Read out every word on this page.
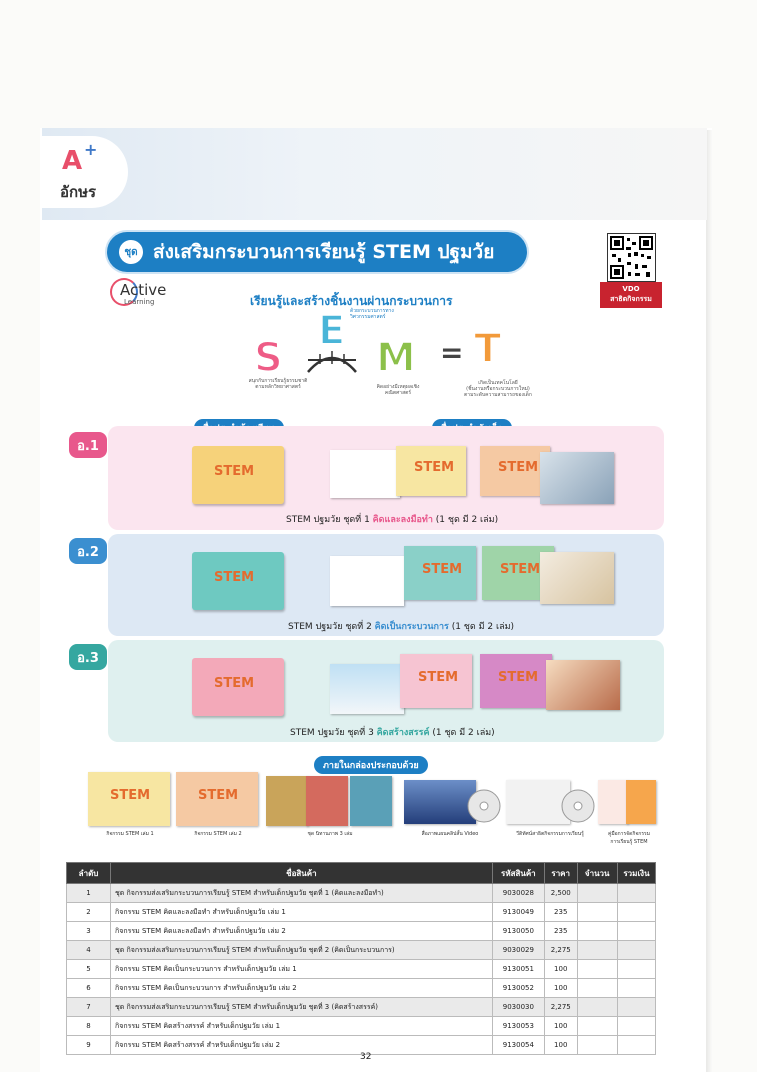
A +
อักษร
ชุด ส่งเสริมกระบวนการเรียนรู้ STEM ปฐมวัย
VDO
สาธิตกิจกรรม
Active
Learning	เรียนรู้และสร้างชิ้นงานผ่านกระบวนการ
S
E
M = T
สนุกกับการเรียนรู้ธรรมชาติ
ตามหลักวิทยาศาสตร์
ด้วยกระบวนการทาง
วิศวกรรมศาสตร์
คิดอย่างมีเหตุผลเชิง
คณิตศาสตร์
เกิดเป็นเทคโนโลยี
(ชิ้นงานหรือกระบวนการใหม่)
ตามระดับความสามารถของเด็ก
อ.1
STEM	STEM	STEM
STEM ปฐมวัย ชุดที่ 1 คิดและลงมือทำ (1 ชุด มี 2 เล่ม)
อ.2
STEM
STEM	STEM
STEM ปฐมวัย ชุดที่ 2 คิดเป็นกระบวนการ (1 ชุด มี 2 เล่ม)
อ.3
STEM	STEM	STEM
STEM ปฐมวัย ชุดที่ 3 คิดสร้างสรรค์ (1 ชุด มี 2 เล่ม)
ภายในกล่องประกอบด้วย
STEM	STEM
กิจกรรม STEM เล่ม 1	กิจกรรม STEM เล่ม 2	ชุด นิทานภาพ 3 เล่ม	สื่อภาพแผนคลิปสั้น Video	วีดิทัศน์สาธิตกิจกรรมการเรียนรู้	คู่มือการจัดกิจกรรม
การเรียนรู้ STEM
ลำดับ	ชื่อสินค้า	รหัสสินค้า	ราคา	จำนวน	รวมเงิน
1	ชุด กิจกรรมส่งเสริมกระบวนการเรียนรู้ STEM สำหรับเด็กปฐมวัย ชุดที่ 1 (คิดและลงมือทำ)	9030028	2,500		
2	กิจกรรม STEM คิดและลงมือทำ สำหรับเด็กปฐมวัย เล่ม 1	9130049	235		
3	กิจกรรม STEM คิดและลงมือทำ สำหรับเด็กปฐมวัย เล่ม 2	9130050	235		
4	ชุด กิจกรรมส่งเสริมกระบวนการเรียนรู้ STEM สำหรับเด็กปฐมวัย ชุดที่ 2 (คิดเป็นกระบวนการ)	9030029	2,275		
5	กิจกรรม STEM คิดเป็นกระบวนการ สำหรับเด็กปฐมวัย เล่ม 1	9130051	100		
6	กิจกรรม STEM คิดเป็นกระบวนการ สำหรับเด็กปฐมวัย เล่ม 2	9130052	100		
7	ชุด กิจกรรมส่งเสริมกระบวนการเรียนรู้ STEM สำหรับเด็กปฐมวัย ชุดที่ 3 (คิดสร้างสรรค์)	9030030	2,275		
8	กิจกรรม STEM คิดสร้างสรรค์ สำหรับเด็กปฐมวัย เล่ม 1	9130053	100		
9	กิจกรรม STEM คิดสร้างสรรค์ สำหรับเด็กปฐมวัย เล่ม 2	9130054	100		
32
